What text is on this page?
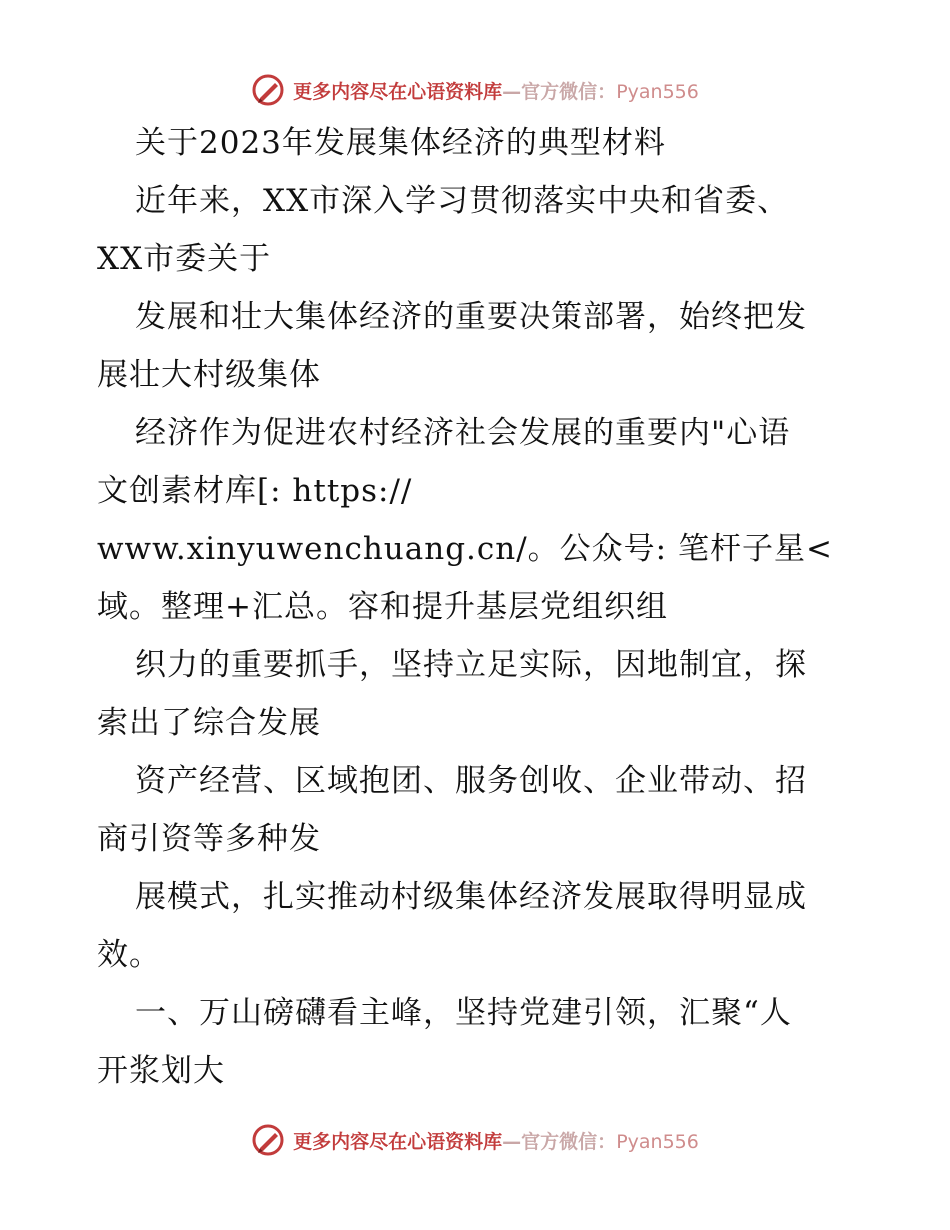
更多内容尽在心语资料库—官方微信：Pyan556
关于2023年发展集体经济的典型材料
近年来，XX市深入学习贯彻落实中央和省委、
XX市委关于
发展和壮大集体经济的重要决策部署，始终把发
展壮大村级集体
经济作为促进农村经济社会发展的重要内"心语
文创素材库[: https://
www.xinyuwenchuang.cn/。公众号: 笔杆子星<
域。整理+汇总。容和提升基层党组织组
织力的重要抓手，坚持立足实际，因地制宜，探
索出了综合发展
资产经营、区域抱团、服务创收、企业带动、招
商引资等多种发
展模式，扎实推动村级集体经济发展取得明显成
效。
一、万山磅礴看主峰，坚持党建引领，汇聚“人
开浆划大
更多内容尽在心语资料库—官方微信：Pyan556
